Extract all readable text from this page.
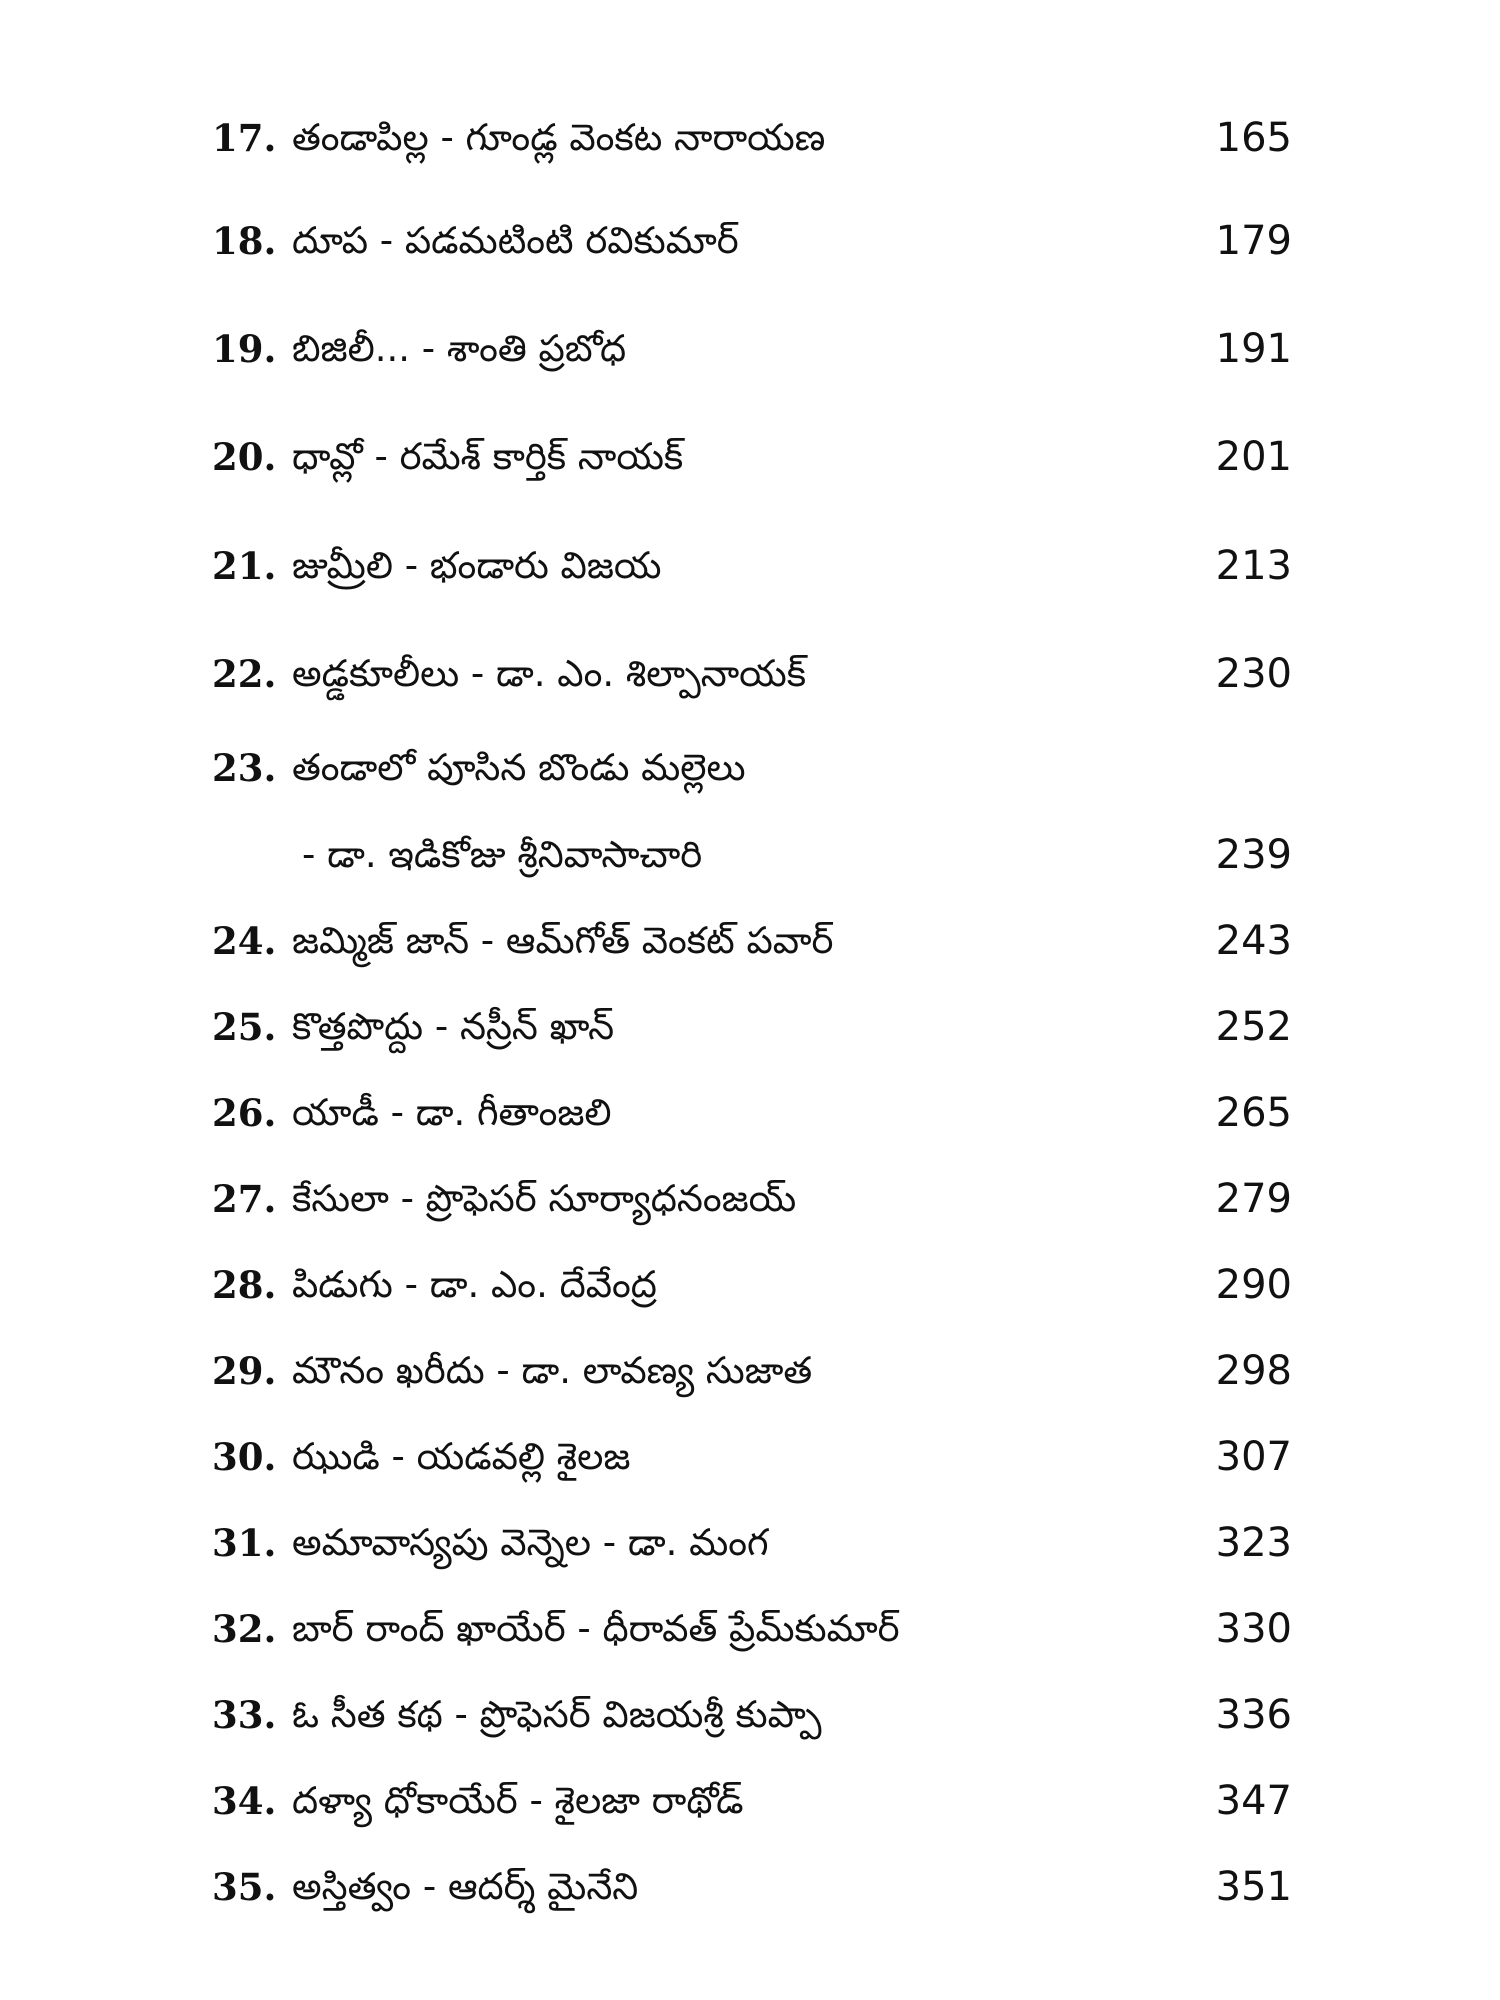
17. తండాపిల్ల - గూండ్ల వెంకట నారాయణ	165
18. దూప - పడమటింటి రవికుమార్	179
19. బిజిలీ... - శాంతి ప్రబోధ	191
20. ధావ్లో - రమేశ్ కార్తిక్ నాయక్	201
21. జుమ్రీలి - భండారు విజయ	213
22. అడ్డకూలీలు - డా. ఎం. శిల్పానాయక్	230
23. తండాలో పూసిన బొండు మల్లెలు
- డా. ఇడికోజు శ్రీనివాసాచారి	239
24. జమ్మిజ్ జాన్ - ఆమ్‌గోత్ వెంకట్ పవార్	243
25. కొత్తపొద్దు - నస్రీన్ ఖాన్	252
26. యాడీ - డా. గీతాంజలి	265
27. కేసులా - ప్రొఫెసర్ సూర్యాధనంజయ్	279
28. పిడుగు - డా. ఎం. దేవేంద్ర	290
29. మౌనం ఖరీదు - డా. లావణ్య సుజాత	298
30. ఝుడి - యడవల్లి శైలజ	307
31. అమావాస్యపు వెన్నెల - డా. మంగ	323
32. బార్ రాంద్ ఖాయేర్ - ధీరావత్ ప్రేమ్‌కుమార్	330
33. ఓ సీత కథ - ప్రొఫెసర్ విజయశ్రీ కుప్పా	336
34. దళ్యా ధోకాయేర్ - శైలజా రాథోడ్	347
35. అస్తిత్వం - ఆదర్శ్ మైనేని	351
